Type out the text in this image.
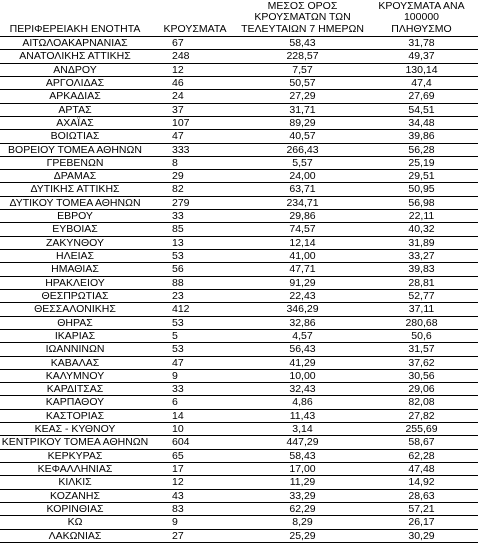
ΠΕΡΙΦΕΡΕΙΑΚΗ ΕΝΟΤΗΤΑ	ΚΡΟΥΣΜΑΤΑ
ΜΕΣΟΣ ΟΡΟΣ
ΚΡΟΥΣΜΑΤΩΝ ΤΩΝ
ΤΕΛΕΥΤΑΙΩΝ 7 ΗΜΕΡΩΝ
ΚΡΟΥΣΜΑΤΑ ΑΝΑ 100000
ΠΛΗΘΥΣΜΟ
ΑΙΤΩΛΟΑΚΑΡΝΑΝΙΑΣ	67	58,43	31,78
ΑΝΑΤΟΛΙΚΗΣ ΑΤΤΙΚΗΣ	248	228,57	49,37
ΑΝΔΡΟΥ	12	7,57	130,14
ΑΡΓΟΛΙΔΑΣ	46	50,57	47,4
ΑΡΚΑΔΙΑΣ	24	27,29	27,69
ΑΡΤΑΣ	37	31,71	54,51
ΑΧΑΪΑΣ	107	89,29	34,48
ΒΟΙΩΤΙΑΣ	47	40,57	39,86
ΒΟΡΕΙΟΥ ΤΟΜΕΑ ΑΘΗΝΩΝ	333	266,43	56,28
ΓΡΕΒΕΝΩΝ	8	5,57	25,19
ΔΡΑΜΑΣ	29	24,00	29,51
ΔΥΤΙΚΗΣ ΑΤΤΙΚΗΣ	82	63,71	50,95
ΔΥΤΙΚΟΥ ΤΟΜΕΑ ΑΘΗΝΩΝ	279	234,71	56,98
ΕΒΡΟΥ	33	29,86	22,11
ΕΥΒΟΙΑΣ	85	74,57	40,32
ΖΑΚΥΝΘΟΥ	13	12,14	31,89
ΗΛΕΙΑΣ	53	41,00	33,27
ΗΜΑΘΙΑΣ	56	47,71	39,83
ΗΡΑΚΛΕΙΟΥ	88	91,29	28,81
ΘΕΣΠΡΩΤΙΑΣ	23	22,43	52,77
ΘΕΣΣΑΛΟΝΙΚΗΣ	412	346,29	37,11
ΘΗΡΑΣ	53	32,86	280,68
ΙΚΑΡΙΑΣ	5	4,57	50,6
ΙΩΑΝΝΙΝΩΝ	53	56,43	31,57
ΚΑΒΑΛΑΣ	47	41,29	37,62
ΚΑΛΥΜΝΟΥ	9	10,00	30,56
ΚΑΡΔΙΤΣΑΣ	33	32,43	29,06
ΚΑΡΠΑΘΟΥ	6	4,86	82,08
ΚΑΣΤΟΡΙΑΣ	14	11,43	27,82
ΚΕΑΣ - ΚΥΘΝΟΥ	10	3,14	255,69
ΚΕΝΤΡΙΚΟΥ ΤΟΜΕΑ ΑΘΗΝΩΝ 604	447,29	58,67
ΚΕΡΚΥΡΑΣ	65	58,43	62,28
ΚΕΦΑΛΛΗΝΙΑΣ	17	17,00	47,48
ΚΙΛΚΙΣ	12	11,29	14,92
ΚΟΖΑΝΗΣ	43	33,29	28,63
ΚΟΡΙΝΘΙΑΣ	83	62,29	57,21
ΚΩ	9	8,29	26,17
ΛΑΚΩΝΙΑΣ	27	25,29	30,29
